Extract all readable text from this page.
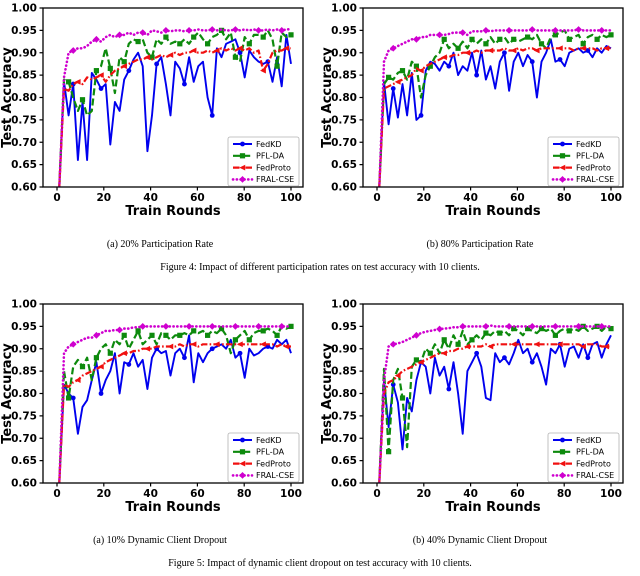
0.60
0.65
0.70
0.75
0.80
0.85
0.90
0.95
1.00
0	20	40	60	80	100
Train Rounds
Test Accuracy	FedKD
PFL-DA
FedProto
FRAL-CSE
0.60
0.65
0.70
0.75
0.80
0.85
0.90
0.95
1.00
0	20	40	60	80	100
Train Rounds
Test Accuracy	FedKD
PFL-DA
FedProto
FRAL-CSE
(a) 20% Participation Rate	(b) 80% Participation Rate
Figure 4: Impact of different participation rates on test accuracy with 10 clients.
0.60
0.65
0.70
0.75
0.80
0.85
0.90
0.95
1.00
0	20	40	60	80	100
Train Rounds
Test Accuracy	FedKD
PFL-DA
FedProto
FRAL-CSE
0.60
0.65
0.70
0.75
0.80
0.85
0.90
0.95
1.00
0	20	40	60	80	100
Train Rounds
Test Accuracy	FedKD
PFL-DA
FedProto
FRAL-CSE
(a) 10% Dynamic Client Dropout	(b) 40% Dynamic Client Dropout
Figure 5: Impact of dynamic client dropout on test accuracy with 10 clients.
